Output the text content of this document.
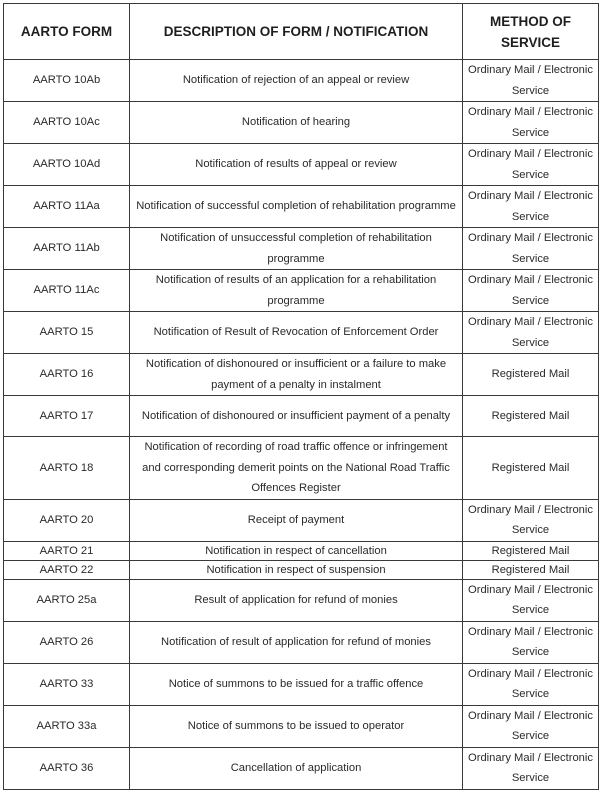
AARTO FORM	DESCRIPTION OF FORM / NOTIFICATION	METHOD OF SERVICE
AARTO 10Ab	Notification of rejection of an appeal or review	Ordinary Mail / Electronic Service
AARTO 10Ac	Notification of hearing	Ordinary Mail / Electronic Service
AARTO 10Ad	Notification of results of appeal or review	Ordinary Mail / Electronic Service
AARTO 11Aa	Notification of successful completion of rehabilitation programme	Ordinary Mail / Electronic Service
AARTO 11Ab	Notification of unsuccessful completion of rehabilitation programme	Ordinary Mail / Electronic Service
AARTO 11Ac	Notification of results of an application for a rehabilitation programme	Ordinary Mail / Electronic Service
AARTO 15	Notification of Result of Revocation of Enforcement Order	Ordinary Mail / Electronic Service
AARTO 16	Notification of dishonoured or insufficient or a failure to make payment of a penalty in instalment	Registered Mail
AARTO 17	Notification of dishonoured or insufficient payment of a penalty	Registered Mail
AARTO 18	Notification of recording of road traffic offence or infringement and corresponding demerit points on the National Road Traffic Offences Register	Registered Mail
AARTO 20	Receipt of payment	Ordinary Mail / Electronic Service
AARTO 21	Notification in respect of cancellation	Registered Mail
AARTO 22	Notification in respect of suspension	Registered Mail
AARTO 25a	Result of application for refund of monies	Ordinary Mail / Electronic Service
AARTO 26	Notification of result of application for refund of monies	Ordinary Mail / Electronic Service
AARTO 33	Notice of summons to be issued for a traffic offence	Ordinary Mail / Electronic Service
AARTO 33a	Notice of summons to be issued to operator	Ordinary Mail / Electronic Service
AARTO 36	Cancellation of application	Ordinary Mail / Electronic Service
